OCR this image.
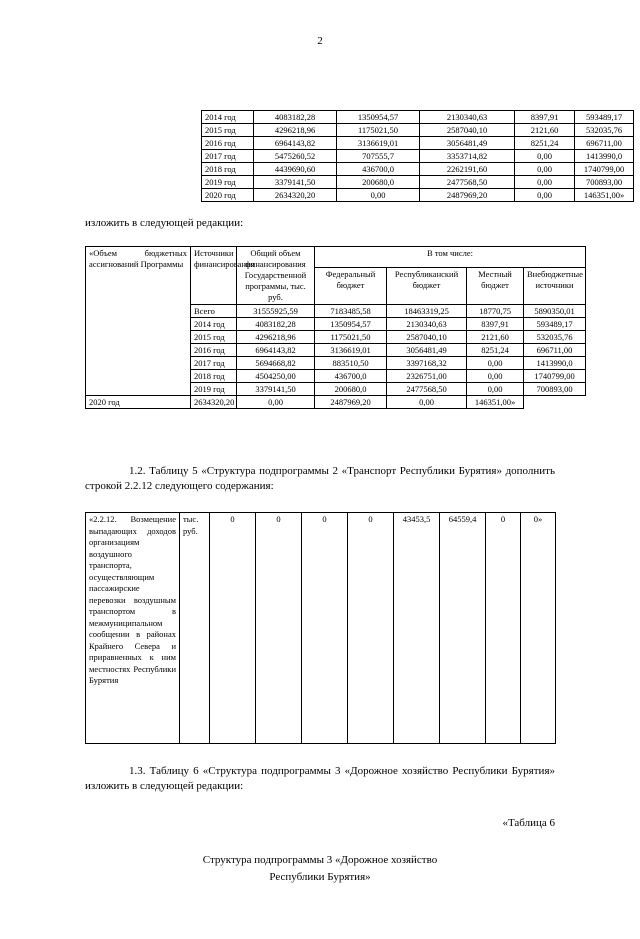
2
2014 год	4083182,28	1350954,57	2130340,63	8397,91	593489,17
2015 год	4296218,96	1175021,50	2587040,10	2121,60	532035,76
2016 год	6964143,82	3136619,01	3056481,49	8251,24	696711,00
2017 год	5475260,52	707555,7	3353714,82	0,00	1413990,0
2018 год	4439690,60	436700,0	2262191,60	0,00	1740799,00
2019 год	3379141,50	200680,0	2477568,50	0,00	700893,00
2020 год	2634320,20	0,00	2487969,20	0,00	146351,00»

изложить в следующей редакции:

«Объем бюджетных ассигнований Программы	Источники финансирования	Общий объем финансирования Государственной программы, тыс. руб.	В том числе:			
			Федеральный бюджет	Республиканский бюджет	Местный бюджет	Внебюджетные источники
	Всего	31555925,59	7183485,58	18463319,25	18770,75	5890350,01
	2014 год	4083182,28	1350954,57	2130340,63	8397,91	593489,17
	2015 год	4296218,96	1175021,50	2587040,10	2121,60	532035,76
	2016 год	6964143,82	3136619,01	3056481,49	8251,24	696711,00
	2017 год	5694668,82	883510,50	3397168,32	0,00	1413990,0
	2018 год	4504250,00	436700,0	2326751,00	0,00	1740799,00
	2019 год	3379141,50	200680,0	2477568,50	0,00	700893,00
2020 год	2634320,20	0,00	2487969,20	0,00	146351,00»	

1.2. Таблицу 5 «Структура подпрограммы 2 «Транспорт Республики Бурятия» дополнить строкой 2.2.12 следующего содержания:

«2.2.12. Возмещение выпадающих доходов организациям воздушного транспорта, осуществляющим пассажирские перевозки воздушным транспортом в межмуниципальном сообщении в районах Крайнего Севера и приравненных к ним местностях Республики Бурятия	тыс. руб.	0	0	0	0	43453,5	64559,4	0	0»

1.3. Таблицу 6 «Структура подпрограммы 3 «Дорожное хозяйство Республики Бурятия» изложить в следующей редакции:

«Таблица 6
Структура подпрограммы 3 «Дорожное хозяйство
Республики Бурятия»
